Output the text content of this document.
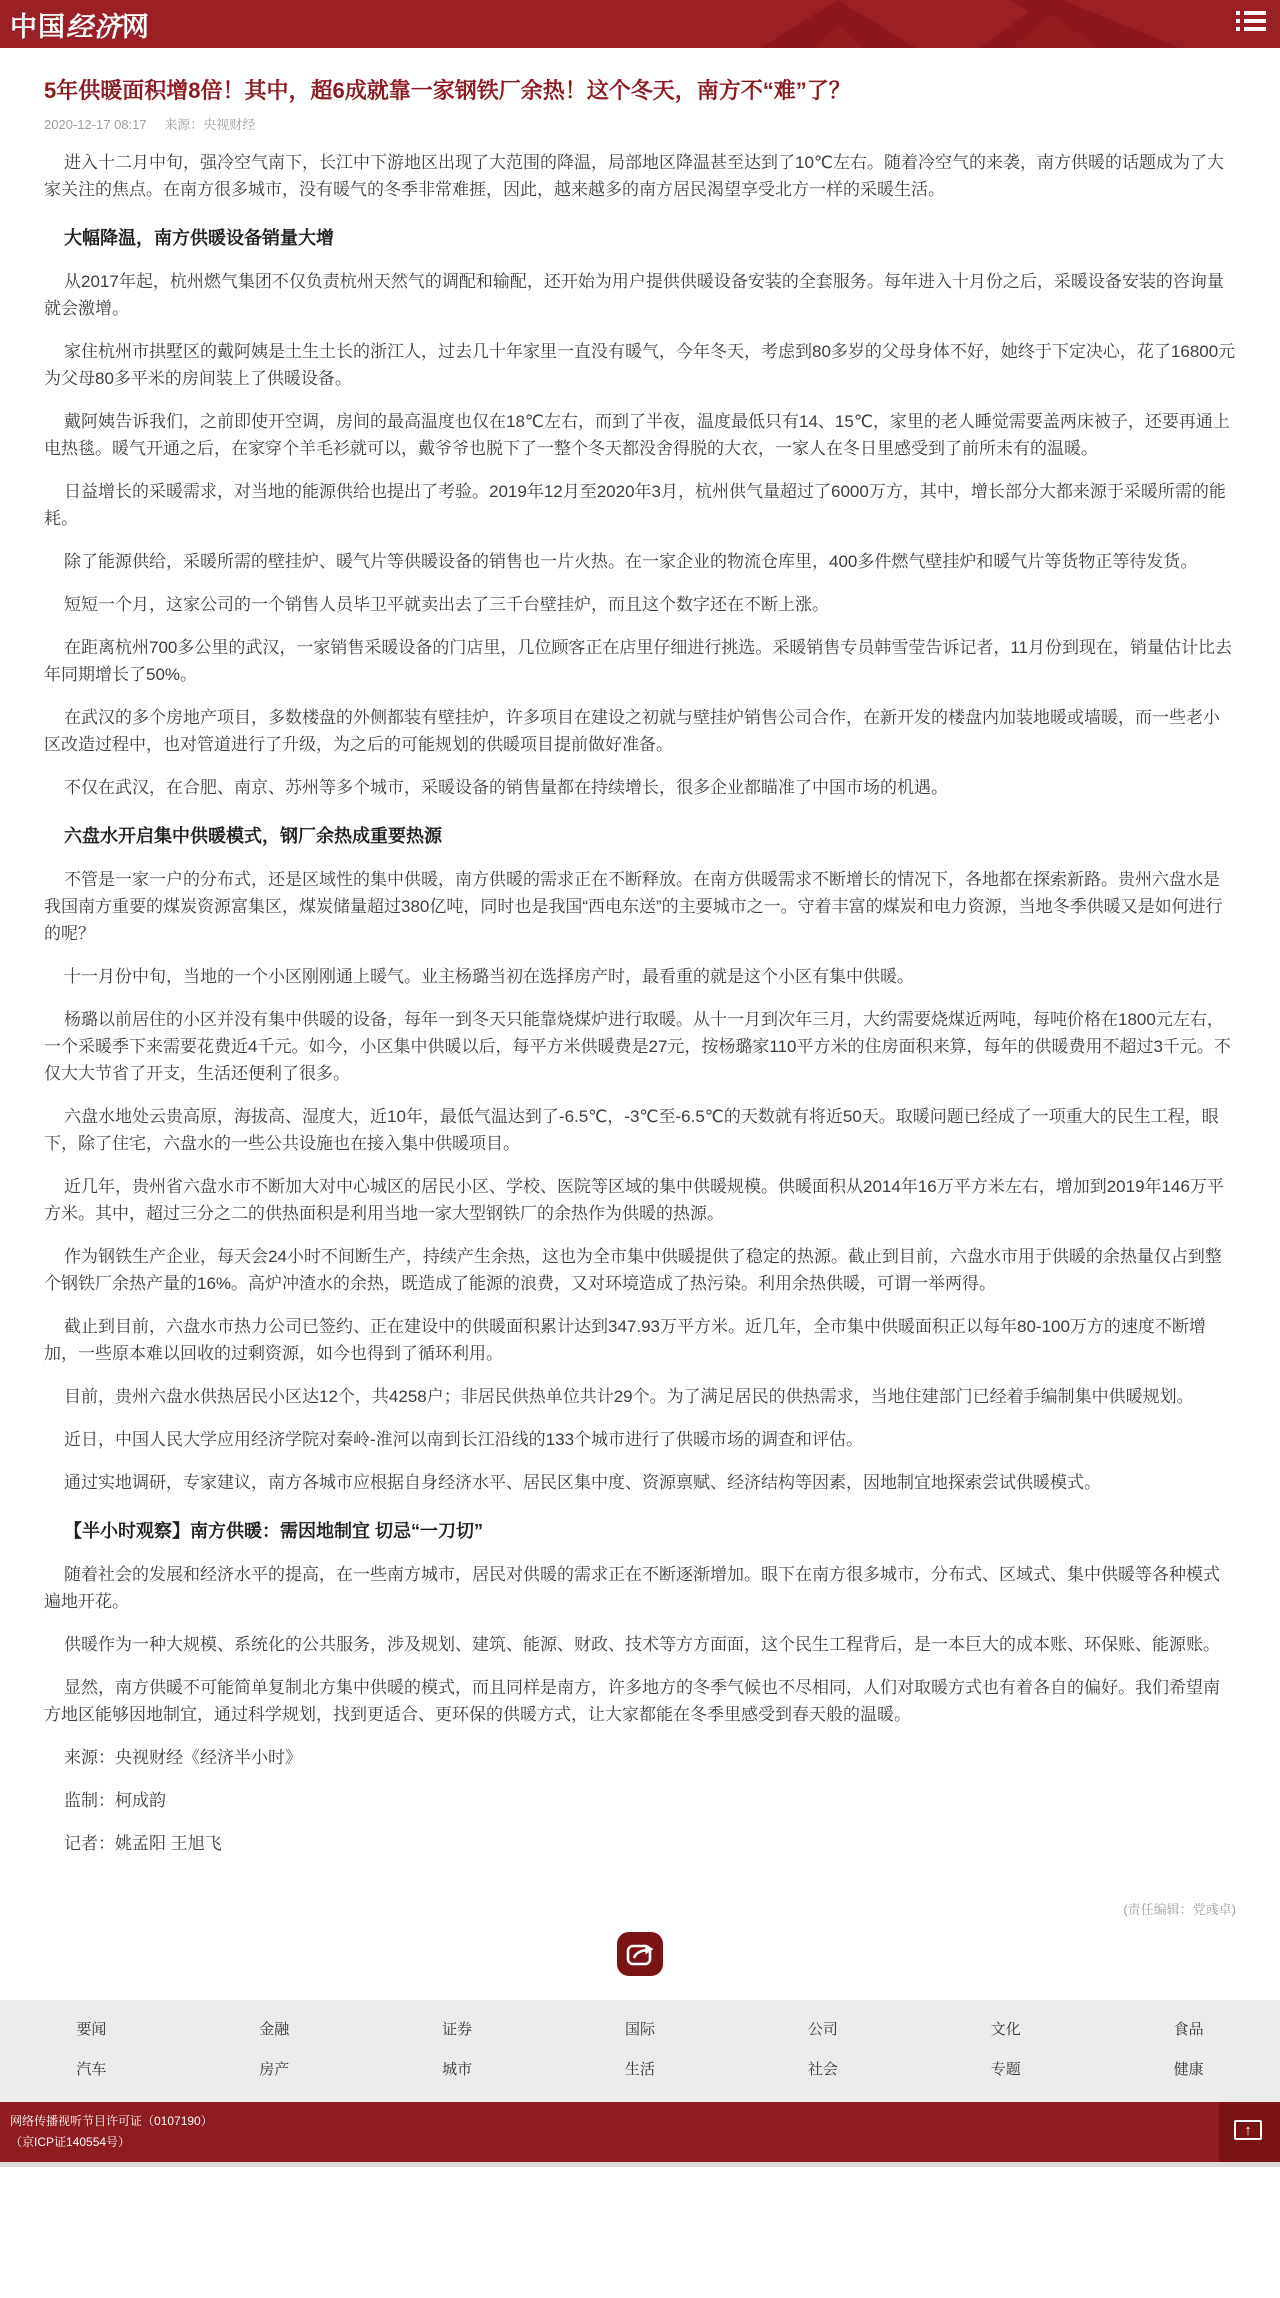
中国经济网
5年供暖面积增8倍！其中，超6成就靠一家钢铁厂余热！这个冬天，南方不“难”了？
2020-12-17 08:17 来源：央视财经

进入十二月中旬，强冷空气南下，长江中下游地区出现了大范围的降温，局部地区降温甚至达到了10℃左右。随着冷空气的来袭，南方供暖的话题成为了大家关注的焦点。在南方很多城市，没有暖气的冬季非常难捱，因此，越来越多的南方居民渴望享受北方一样的采暖生活。

大幅降温，南方供暖设备销量大增

从2017年起，杭州燃气集团不仅负责杭州天然气的调配和输配，还开始为用户提供供暖设备安装的全套服务。每年进入十月份之后，采暖设备安装的咨询量就会激增。

家住杭州市拱墅区的戴阿姨是土生土长的浙江人，过去几十年家里一直没有暖气，今年冬天，考虑到80多岁的父母身体不好，她终于下定决心，花了16800元为父母80多平米的房间装上了供暖设备。

戴阿姨告诉我们，之前即使开空调，房间的最高温度也仅在18℃左右，而到了半夜，温度最低只有14、15℃，家里的老人睡觉需要盖两床被子，还要再通上电热毯。暖气开通之后，在家穿个羊毛衫就可以，戴爷爷也脱下了一整个冬天都没舍得脱的大衣，一家人在冬日里感受到了前所未有的温暖。

日益增长的采暖需求，对当地的能源供给也提出了考验。2019年12月至2020年3月，杭州供气量超过了6000万方，其中，增长部分大都来源于采暖所需的能耗。

除了能源供给，采暖所需的壁挂炉、暖气片等供暖设备的销售也一片火热。在一家企业的物流仓库里，400多件燃气壁挂炉和暖气片等货物正等待发货。

短短一个月，这家公司的一个销售人员毕卫平就卖出去了三千台壁挂炉，而且这个数字还在不断上涨。

在距离杭州700多公里的武汉，一家销售采暖设备的门店里，几位顾客正在店里仔细进行挑选。采暖销售专员韩雪莹告诉记者，11月份到现在，销量估计比去年同期增长了50%。

在武汉的多个房地产项目，多数楼盘的外侧都装有壁挂炉，许多项目在建设之初就与壁挂炉销售公司合作，在新开发的楼盘内加装地暖或墙暖，而一些老小区改造过程中，也对管道进行了升级，为之后的可能规划的供暖项目提前做好准备。

不仅在武汉，在合肥、南京、苏州等多个城市，采暖设备的销售量都在持续增长，很多企业都瞄准了中国市场的机遇。

六盘水开启集中供暖模式，钢厂余热成重要热源

不管是一家一户的分布式，还是区域性的集中供暖，南方供暖的需求正在不断释放。在南方供暖需求不断增长的情况下，各地都在探索新路。贵州六盘水是我国南方重要的煤炭资源富集区，煤炭储量超过380亿吨，同时也是我国“西电东送”的主要城市之一。守着丰富的煤炭和电力资源，当地冬季供暖又是如何进行的呢？

十一月份中旬，当地的一个小区刚刚通上暖气。业主杨璐当初在选择房产时，最看重的就是这个小区有集中供暖。

杨璐以前居住的小区并没有集中供暖的设备，每年一到冬天只能靠烧煤炉进行取暖。从十一月到次年三月，大约需要烧煤近两吨，每吨价格在1800元左右，一个采暖季下来需要花费近4千元。如今，小区集中供暖以后，每平方米供暖费是27元，按杨璐家110平方米的住房面积来算，每年的供暖费用不超过3千元。不仅大大节省了开支，生活还便利了很多。

六盘水地处云贵高原，海拔高、湿度大，近10年，最低气温达到了-6.5℃，-3℃至-6.5℃的天数就有将近50天。取暖问题已经成了一项重大的民生工程，眼下，除了住宅，六盘水的一些公共设施也在接入集中供暖项目。

近几年，贵州省六盘水市不断加大对中心城区的居民小区、学校、医院等区域的集中供暖规模。供暖面积从2014年16万平方米左右，增加到2019年146万平方米。其中，超过三分之二的供热面积是利用当地一家大型钢铁厂的余热作为供暖的热源。

作为钢铁生产企业，每天会24小时不间断生产，持续产生余热，这也为全市集中供暖提供了稳定的热源。截止到目前，六盘水市用于供暖的余热量仅占到整个钢铁厂余热产量的16%。高炉冲渣水的余热，既造成了能源的浪费，又对环境造成了热污染。利用余热供暖，可谓一举两得。

截止到目前，六盘水市热力公司已签约、正在建设中的供暖面积累计达到347.93万平方米。近几年，全市集中供暖面积正以每年80-100万方的速度不断增加，一些原本难以回收的过剩资源，如今也得到了循环利用。

目前，贵州六盘水供热居民小区达12个，共4258户；非居民供热单位共计29个。为了满足居民的供热需求，当地住建部门已经着手编制集中供暖规划。

近日，中国人民大学应用经济学院对秦岭-淮河以南到长江沿线的133个城市进行了供暖市场的调查和评估。

通过实地调研，专家建议，南方各城市应根据自身经济水平、居民区集中度、资源禀赋、经济结构等因素，因地制宜地探索尝试供暖模式。

【半小时观察】南方供暖：需因地制宜 切忌“一刀切”

随着社会的发展和经济水平的提高，在一些南方城市，居民对供暖的需求正在不断逐渐增加。眼下在南方很多城市，分布式、区域式、集中供暖等各种模式遍地开花。

供暖作为一种大规模、系统化的公共服务，涉及规划、建筑、能源、财政、技术等方方面面，这个民生工程背后，是一本巨大的成本账、环保账、能源账。

显然，南方供暖不可能简单复制北方集中供暖的模式，而且同样是南方，许多地方的冬季气候也不尽相同，人们对取暖方式也有着各自的偏好。我们希望南方地区能够因地制宜，通过科学规划，找到更适合、更环保的供暖方式，让大家都能在冬季里感受到春天般的温暖。

来源：央视财经《经济半小时》

监制：柯成韵

记者：姚孟阳 王旭飞

(责任编辑：党彧卓)
要闻	金融	证券	国际	公司	文化	食品
汽车	房产	城市	生活	社会	专题	健康
网络传播视听节目许可证（0107190）
（京ICP证140554号）
↑
